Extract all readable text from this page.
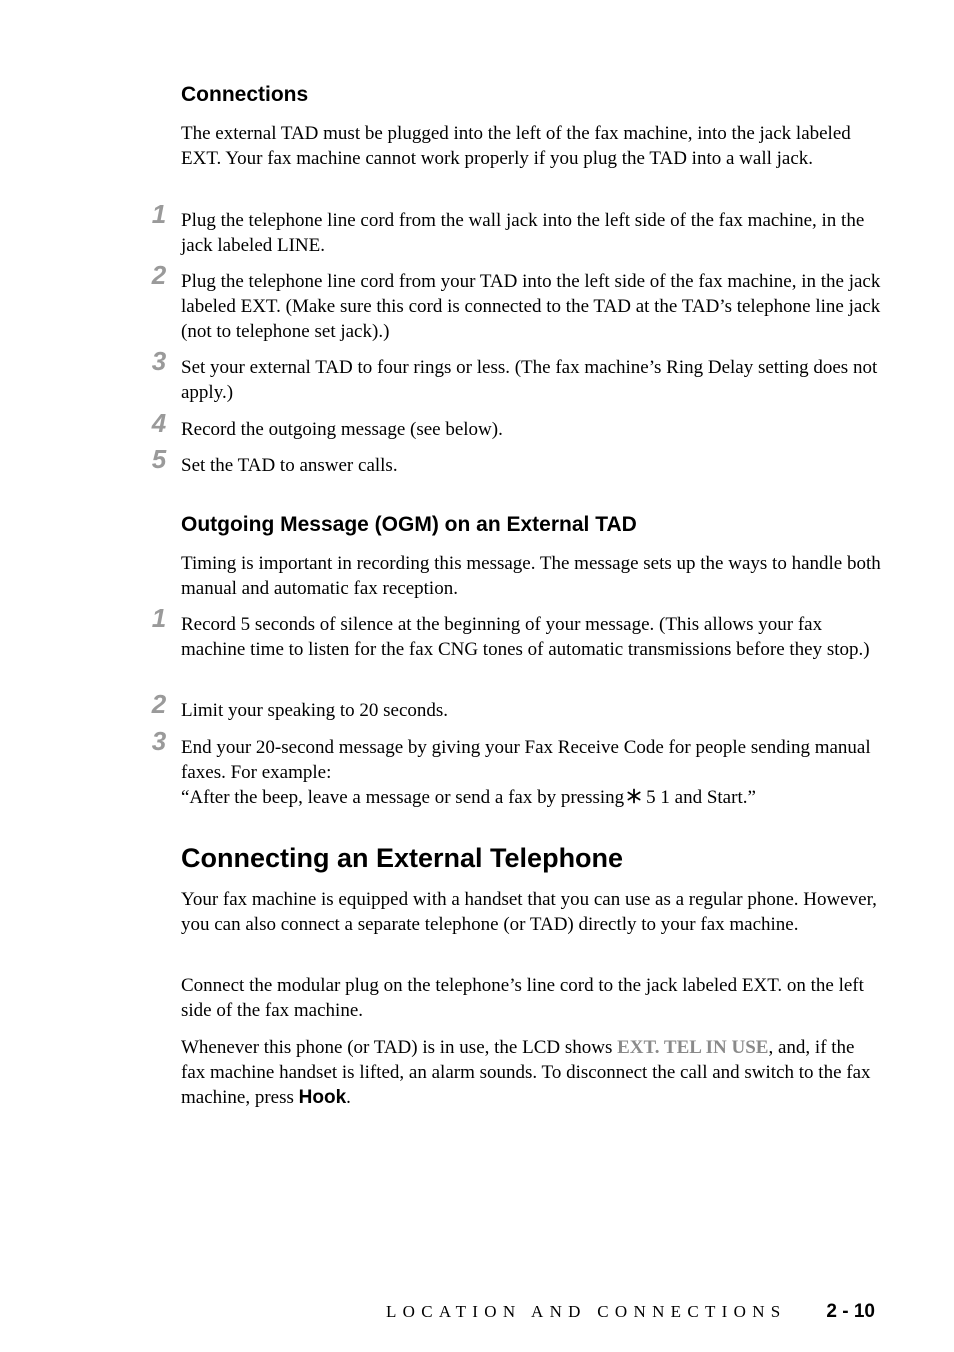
Connections

The external TAD must be plugged into the left of the fax machine, into the jack labeled EXT. Your fax machine cannot work properly if you plug the TAD into a wall jack.

1 Plug the telephone line cord from the wall jack into the left side of the fax machine, in the jack labeled LINE.

2 Plug the telephone line cord from your TAD into the left side of the fax machine, in the jack labeled EXT. (Make sure this cord is connected to the TAD at the TAD’s telephone line jack (not to telephone set jack).)

3 Set your external TAD to four rings or less. (The fax machine’s Ring Delay setting does not apply.)

4 Record the outgoing message (see below).

5 Set the TAD to answer calls.

Outgoing Message (OGM) on an External TAD

Timing is important in recording this message. The message sets up the ways to handle both manual and automatic fax reception.

1 Record 5 seconds of silence at the beginning of your message. (This allows your fax machine time to listen for the fax CNG tones of automatic transmissions before they stop.)

2 Limit your speaking to 20 seconds.

3 End your 20-second message by giving your Fax Receive Code for people sending manual faxes. For example:

“After the beep, leave a message or send a fax by pressing 5 1 and Start.”

Connecting an External Telephone

Your fax machine is equipped with a handset that you can use as a regular phone. However, you can also connect a separate telephone (or TAD) directly to your fax machine.

Connect the modular plug on the telephone’s line cord to the jack labeled EXT. on the left side of the fax machine.

Whenever this phone (or TAD) is in use, the LCD shows EXT. TEL IN USE, and, if the fax machine handset is lifted, an alarm sounds. To disconnect the call and switch to the fax machine, press Hook.

LOCATION AND CONNECTIONS 2 - 10
